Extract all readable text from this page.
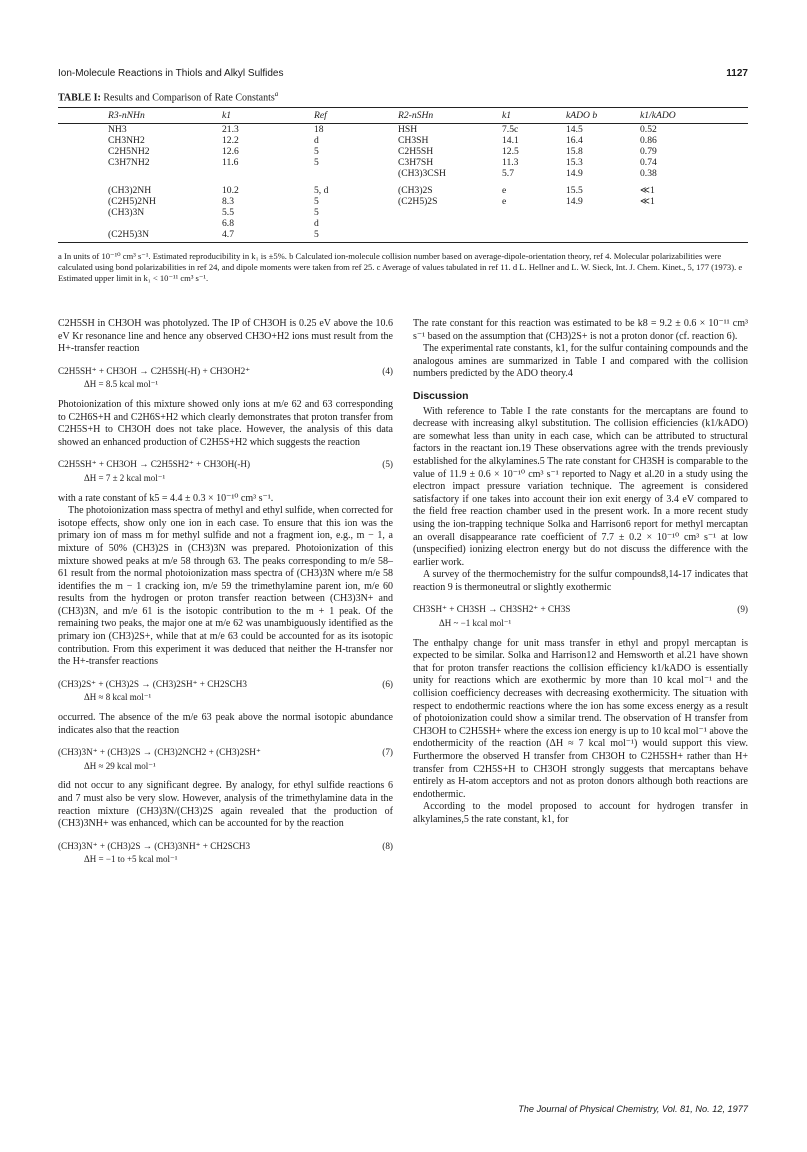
Ion-Molecule Reactions in Thiols and Alkyl Sulfides	1127
TABLE I: Results and Comparison of Rate Constants$^a$
R3-nNHn	k1	Ref	R2-nSHn	k1	kADO b	k1/kADO
NH3	21.3	18	HSH	7.5c	14.5	0.52
CH3NH2	12.2	d	CH3SH	14.1	16.4	0.86
C2H5NH2	12.6	5	C2H5SH	12.5	15.8	0.79
C3H7NH2	11.6	5	C3H7SH	11.3	15.3	0.74
			(CH3)3CSH	5.7	14.9	0.38
(CH3)2NH	10.2	5, d	(CH3)2S	e	15.5	≪1
(C2H5)2NH	8.3	5	(C2H5)2S	e	14.9	≪1
(CH3)3N	5.5	5				
	6.8	d				
(C2H5)3N	4.7	5				
a In units of 10⁻¹⁰ cm³ s⁻¹. Estimated reproducibility in k₁ is ±5%. b Calculated ion-molecule collision number based on average-dipole-orientation theory, ref 4. Molecular polarizabilities were calculated using bond polarizabilities in ref 24, and dipole moments were taken from ref 25. c Average of values tabulated in ref 11. d L. Hellner and L. W. Sieck, Int. J. Chem. Kinet., 5, 177 (1973). e Estimated upper limit in k₁ < 10⁻¹¹ cm³ s⁻¹.

C2H5SH in CH3OH was photolyzed. The IP of CH3OH is 0.25 eV above the 10.6 eV Kr resonance line and hence any observed CH3O+H2 ions must result from the H+-transfer reaction

C2H5SH⁺ + CH3OH → C2H5SH(-H) + CH3OH2⁺	(4)
ΔH = 8.5 kcal mol⁻¹

Photoionization of this mixture showed only ions at m/e 62 and 63 corresponding to C2H6S+H and C2H6S+H2 which clearly demonstrates that proton transfer from C2H5S+H to CH3OH does not take place. However, the analysis of this data showed an enhanced production of C2H5S+H2 which suggests the reaction

C2H5SH⁺ + CH3OH → C2H5SH2⁺ + CH3OH(-H)	(5)
ΔH = 7 ± 2 kcal mol⁻¹

with a rate constant of k5 = 4.4 ± 0.3 × 10⁻¹⁰ cm³ s⁻¹.

The photoionization mass spectra of methyl and ethyl sulfide, when corrected for isotope effects, show only one ion in each case. To ensure that this ion was the primary ion of mass m for methyl sulfide and not a fragment ion, e.g., m − 1, a mixture of 50% (CH3)2S in (CH3)3N was prepared. Photoionization of this mixture showed peaks at m/e 58 through 63. The peaks corresponding to m/e 58–61 result from the normal photoionization mass spectra of (CH3)3N where m/e 58 identifies the m − 1 cracking ion, m/e 59 the trimethylamine parent ion, m/e 60 results from the hydrogen or proton transfer reaction between (CH3)3N+ and (CH3)3N, and m/e 61 is the isotopic contribution to the m + 1 peak. Of the remaining two peaks, the major one at m/e 62 was unambiguously identified as the primary ion (CH3)2S+, while that at m/e 63 could be accounted for as its isotopic contribution. From this experiment it was deduced that neither the H-transfer nor the H+-transfer reactions

(CH3)2S⁺ + (CH3)2S → (CH3)2SH⁺ + CH2SCH3	(6)
ΔH ≈ 8 kcal mol⁻¹

occurred. The absence of the m/e 63 peak above the normal isotopic abundance indicates also that the reaction

(CH3)3N⁺ + (CH3)2S → (CH3)2NCH2 + (CH3)2SH⁺	(7)
ΔH ≈ 29 kcal mol⁻¹

did not occur to any significant degree. By analogy, for ethyl sulfide reactions 6 and 7 must also be very slow. However, analysis of the trimethylamine data in the reaction mixture (CH3)3N/(CH3)2S again revealed that the production of (CH3)3NH+ was enhanced, which can be accounted for by the reaction

(CH3)3N⁺ + (CH3)2S → (CH3)3NH⁺ + CH2SCH3	(8)
ΔH = −1 to +5 kcal mol⁻¹

The rate constant for this reaction was estimated to be k8 = 9.2 ± 0.6 × 10⁻¹¹ cm³ s⁻¹ based on the assumption that (CH3)2S+ is not a proton donor (cf. reaction 6).

The experimental rate constants, k1, for the sulfur containing compounds and the analogous amines are summarized in Table I and compared with the collision numbers predicted by the ADO theory.4

Discussion

With reference to Table I the rate constants for the mercaptans are found to decrease with increasing alkyl substitution. The collision efficiencies (k1/kADO) are somewhat less than unity in each case, which can be attributed to structural factors in the reactant ion.19 These observations agree with the trends previously established for the alkylamines.5 The rate constant for CH3SH is comparable to the value of 11.9 ± 0.6 × 10⁻¹⁰ cm³ s⁻¹ reported to Nagy et al.20 in a study using the electron impact pressure variation technique. The agreement is considered satisfactory if one takes into account their ion exit energy of 3.4 eV compared to the field free reaction chamber used in the present work. In a more recent study using the ion-trapping technique Solka and Harrison6 report for methyl mercaptan an overall disappearance rate coefficient of 7.7 ± 0.2 × 10⁻¹⁰ cm³ s⁻¹ at low (unspecified) ionizing electron energy but do not discuss the difference with the earlier work.

A survey of the thermochemistry for the sulfur compounds8,14-17 indicates that reaction 9 is thermoneutral or slightly exothermic

CH3SH⁺ + CH3SH → CH3SH2⁺ + CH3S	(9)
ΔH ~ −1 kcal mol⁻¹

The enthalpy change for unit mass transfer in ethyl and propyl mercaptan is expected to be similar. Solka and Harrison12 and Hemsworth et al.21 have shown that for proton transfer reactions the collision efficiency k1/kADO is essentially unity for reactions which are exothermic by more than 10 kcal mol⁻¹ and the collision coefficiency decreases with decreasing exothermicity. The situation with respect to endothermic reactions where the ion has some excess energy as a result of photoionization could show a similar trend. The observation of H transfer from CH3OH to C2H5SH+ where the excess ion energy is up to 10 kcal mol⁻¹ above the endothermicity of the reaction (ΔH ≈ 7 kcal mol⁻¹) would support this view. Furthermore the observed H transfer from CH3OH to C2H5SH+ rather than H+ transfer from C2H5S+H to CH3OH strongly suggests that mercaptans behave entirely as H-atom acceptors and not as proton donors although both reactions are endothermic.

According to the model proposed to account for hydrogen transfer in alkylamines,5 the rate constant, k1, for

The Journal of Physical Chemistry, Vol. 81, No. 12, 1977
